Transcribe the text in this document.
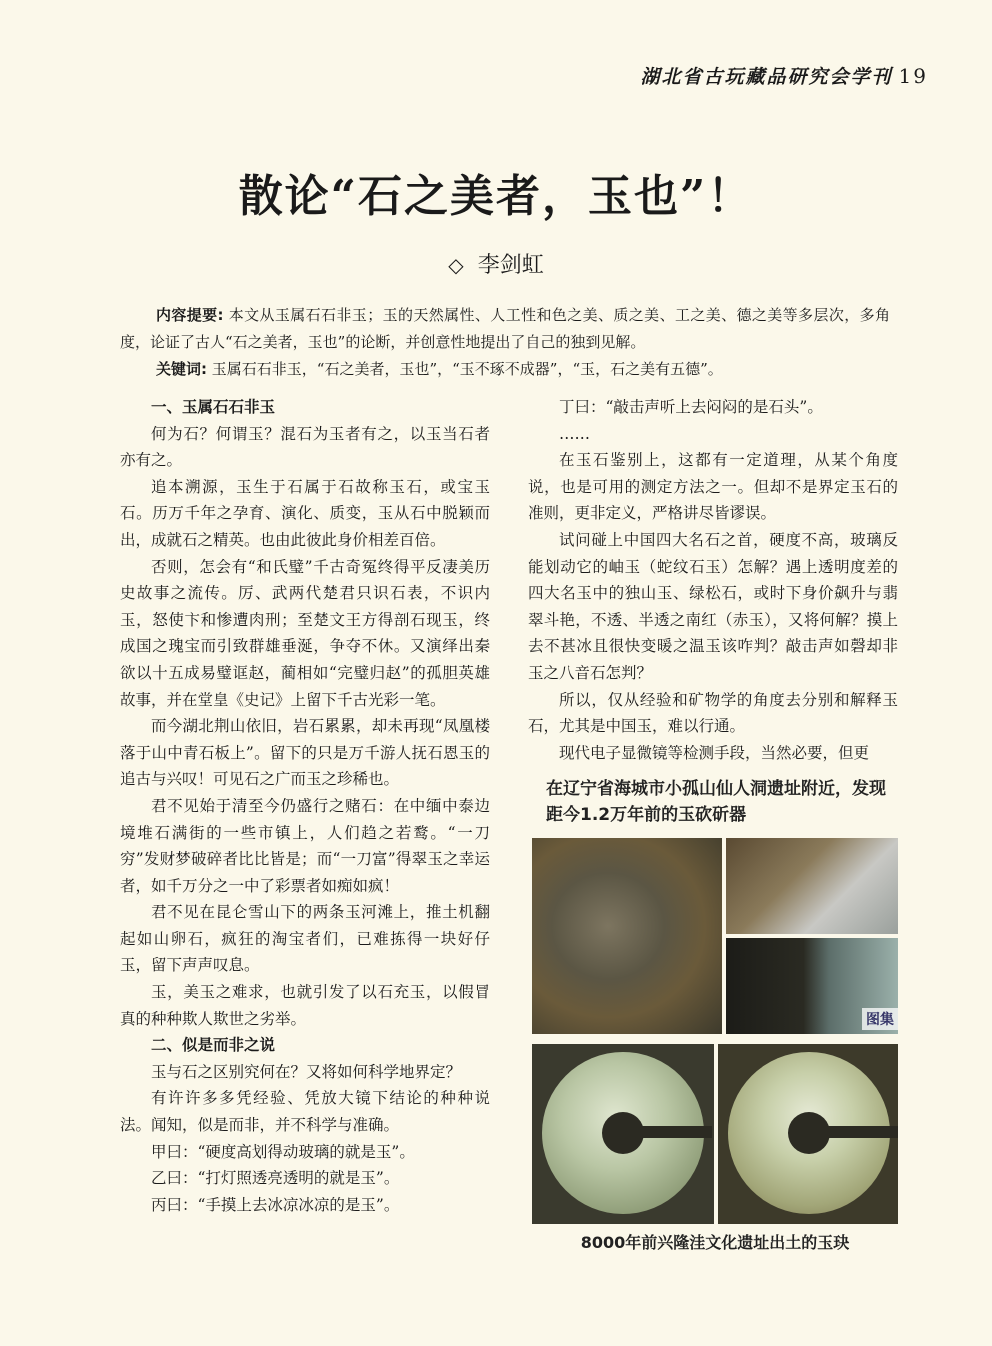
湖北省古玩藏品研究会学刊 19
散论“石之美者，玉也”！
◇ 李剑虹

内容提要: 本文从玉属石石非玉；玉的天然属性、人工性和色之美、质之美、工之美、德之美等多层次，多角度，论证了古人“石之美者，玉也”的论断，并创意性地提出了自己的独到见解。

关键词: 玉属石石非玉，“石之美者，玉也”，“玉不琢不成器”，“玉，石之美有五德”。

一、玉属石石非玉

何为石？何谓玉？混石为玉者有之，以玉当石者亦有之。

追本溯源，玉生于石属于石故称玉石，或宝玉石。历万千年之孕育、演化、质变，玉从石中脱颖而出，成就石之精英。也由此彼此身价相差百倍。

否则，怎会有“和氏璧”千古奇冤终得平反凄美历史故事之流传。厉、武两代楚君只识石表，不识内玉，怒使卞和惨遭肉刑；至楚文王方得剖石现玉，终成国之瑰宝而引致群雄垂涎，争夺不休。又演绎出秦欲以十五成易璧诓赵，蔺相如“完璧归赵”的孤胆英雄故事，并在堂皇《史记》上留下千古光彩一笔。

而今湖北荆山依旧，岩石累累，却未再现“凤凰楼落于山中青石板上”。留下的只是万千游人抚石恩玉的追古与兴叹！可见石之广而玉之珍稀也。

君不见始于清至今仍盛行之赌石：在中缅中泰边境堆石满街的一些市镇上，人们趋之若鹜。“一刀穷”发财梦破碎者比比皆是；而“一刀富”得翠玉之幸运者，如千万分之一中了彩票者如痴如疯！

君不见在昆仑雪山下的两条玉河滩上，推土机翻起如山卵石，疯狂的淘宝者们，已难拣得一块好仔玉，留下声声叹息。

玉，美玉之难求，也就引发了以石充玉，以假冒真的种种欺人欺世之劣举。

二、似是而非之说

玉与石之区别究何在？又将如何科学地界定？

有许许多多凭经验、凭放大镜下结论的种种说法。闻知，似是而非，并不科学与准确。

甲曰：“硬度高划得动玻璃的就是玉”。

乙曰：“打灯照透亮透明的就是玉”。

丙曰：“手摸上去冰凉冰凉的是玉”。

丁曰：“敲击声听上去闷闷的是石头”。

……

在玉石鉴别上，这都有一定道理，从某个角度说，也是可用的测定方法之一。但却不是界定玉石的准则，更非定义，严格讲尽皆谬误。

试问碰上中国四大名石之首，硬度不高，玻璃反能划动它的岫玉（蛇纹石玉）怎解？遇上透明度差的四大名玉中的独山玉、绿松石，或时下身价飙升与翡翠斗艳，不透、半透之南红（赤玉），又将何解？摸上去不甚冰且很快变暖之温玉该咋判？敲击声如磬却非玉之八音石怎判？

所以，仅从经验和矿物学的角度去分别和解释玉石，尤其是中国玉，难以行通。

现代电子显微镜等检测手段，当然必要，但更

在辽宁省海城市小孤山仙人洞遗址附近，发现距今1.2万年前的玉砍斫器
图集
8000年前兴隆洼文化遗址出土的玉玦
